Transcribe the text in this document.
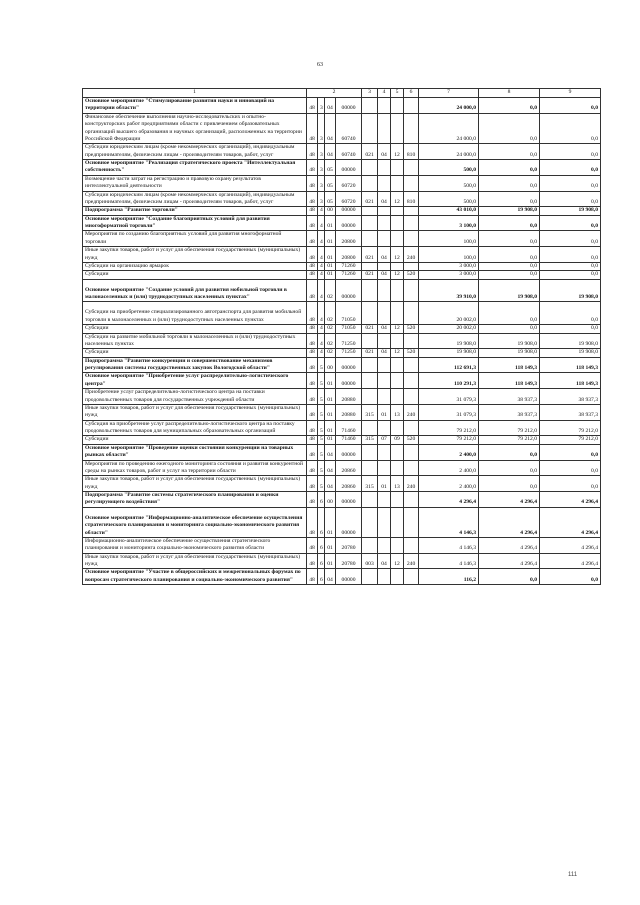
63
1	2				3	4	5	6	7	8	9
Основное мероприятие "Стимулирование развития науки и инноваций на территории области"	48	3	04	00000					24 000,0	0,0	0,0
Финансовое обеспечение выполнения научно-исследовательских и опытно-конструкторских работ предприятиями области с привлечением образовательных организаций высшего образования и научных организаций, расположенных на территории Российской Федерации	48	3	04	60740					24 000,0	0,0	0,0
Субсидии юридическим лицам (кроме некоммерческих организаций), индивидуальным предпринимателям, физическим лицам - производителям товаров, работ, услуг	48	3	04	60740	021	04	12	810	24 000,0	0,0	0,0
Основное мероприятие "Реализация стратегического проекта "Интеллектуальная собственность"	48	3	05	00000					500,0	0,0	0,0
Возмещение части затрат на регистрацию и правовую охрану результатов интеллектуальной деятельности	48	3	05	60720					500,0	0,0	0,0
Субсидии юридическим лицам (кроме некоммерческих организаций), индивидуальным предпринимателям, физическим лицам - производителям товаров, работ, услуг	48	3	05	60720	021	04	12	810	500,0	0,0	0,0
Подпрограмма "Развитие торговли"	48	4	00	00000					43 010,0	19 908,0	19 908,0
Основное мероприятие "Создание благоприятных условий для развития многоформатной торговли"	48	4	01	00000					3 100,0	0,0	0,0
Мероприятия по созданию благоприятных условий для развития многоформатной торговли	48	4	01	20800					100,0	0,0	0,0
Иные закупки товаров, работ и услуг для обеспечения государственных (муниципальных) нужд	48	4	01	20800	021	04	12	240	100,0	0,0	0,0
Субсидии на организацию ярмарок	48	4	01	71260					3 000,0	0,0	0,0
Субсидии	48	4	01	71260	021	04	12	520	3 000,0	0,0	0,0
Основное мероприятие "Создание условий для развития мобильной торговли в малонаселенных и (или) труднодоступных населенных пунктах"	48	4	02	00000					39 910,0	19 908,0	19 908,0
Субсидии на приобретение специализированного автотранспорта для развития мобильной торговли в малонаселенных и (или) труднодоступных населенных пунктах	48	4	02	71050					20 002,0	0,0	0,0
Субсидии	48	4	02	71050	021	04	12	520	20 002,0	0,0	0,0
Субсидии на развитие мобильной торговли в малонаселенных и (или) труднодоступных населенных пунктах	48	4	02	71250					19 908,0	19 908,0	19 908,0
Субсидии	48	4	02	71250	021	04	12	520	19 908,0	19 908,0	19 908,0
Подпрограмма "Развитие конкуренции и совершенствование механизмов регулирования системы государственных закупок Вологодской области"	48	5	00	00000					112 691,3	118 149,3	118 149,3
Основное мероприятие "Приобретение услуг распределительно-логистического центра"	48	5	01	00000					110 291,3	118 149,3	118 149,3
Приобретение услуг распределительно-логистического центра на поставки продовольственных товаров для государственных учреждений области	48	5	01	20880					31 079,3	38 937,3	38 937,3
Иные закупки товаров, работ и услуг для обеспечения государственных (муниципальных) нужд	48	5	01	20880	315	01	13	240	31 079,3	38 937,3	38 937,3
Субсидия на приобретение услуг распределительно-логистического центра на поставку продовольственных товаров для муниципальных образовательных организаций	48	5	01	71460					79 212,0	79 212,0	79 212,0
Субсидии	48	5	01	71460	315	07	09	520	79 212,0	79 212,0	79 212,0
Основное мероприятие "Проведение оценки состояния конкуренции на товарных рынках области"	48	5	04	00000					2 400,0	0,0	0,0
Мероприятия по проведению ежегодного мониторинга состояния и развития конкурентной среды на рынках товаров, работ и услуг на территории области	48	5	04	20860					2 400,0	0,0	0,0
Иные закупки товаров, работ и услуг для обеспечения государственных (муниципальных) нужд	48	5	04	20860	315	01	13	240	2 400,0	0,0	0,0
Подпрограмма "Развитие системы стратегического планирования и оценки регулирующего воздействия"	48	6	00	00000					4 296,4	4 296,4	4 296,4
Основное мероприятие "Информационно-аналитическое обеспечение осуществления стратегического планирования и мониторинга социально-экономического развития области"	48	6	01	00000					4 146,3	4 296,4	4 296,4
Информационно-аналитическое обеспечение осуществления стратегического планирования и мониторинга социально-экономического развития области	48	6	01	20780					4 146,3	4 296,4	4 296,4
Иные закупки товаров, работ и услуг для обеспечения государственных (муниципальных) нужд	48	6	01	20780	003	04	12	240	4 146,3	4 296,4	4 296,4
Основное мероприятие "Участие в общероссийских и межрегиональных форумах по вопросам стратегического планирования и социально-экономического развития"	48	6	04	00000					116,2	0,0	0,0
111
